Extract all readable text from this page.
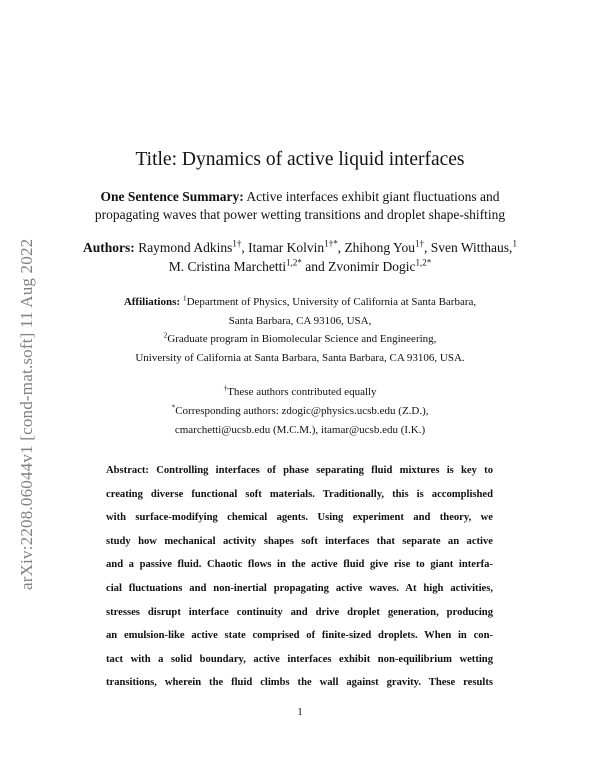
arXiv:2208.06044v1 [cond-mat.soft] 11 Aug 2022
Title: Dynamics of active liquid interfaces
One Sentence Summary: Active interfaces exhibit giant fluctuations and
propagating waves that power wetting transitions and droplet shape-shifting
Authors: Raymond Adkins$^{1\dagger}$, Itamar Kolvin$^{1\dagger*}$, Zhihong You$^{1\dagger}$, Sven Witthaus,$^1$
M. Cristina Marchetti$^{1,2*}$ and Zvonimir Dogic$^{1,2*}$
Affiliations: $^1$Department of Physics, University of California at Santa Barbara,
Santa Barbara, CA 93106, USA,
$^2$Graduate program in Biomolecular Science and Engineering,
University of California at Santa Barbara, Santa Barbara, CA 93106, USA.
†These authors contributed equally
*Corresponding authors: zdogic@physics.ucsb.edu (Z.D.),
cmarchetti@ucsb.edu (M.C.M.), itamar@ucsb.edu (I.K.)
Abstract: Controlling interfaces of phase separating fluid mixtures is key to
creating diverse functional soft materials. Traditionally, this is accomplished
with surface-modifying chemical agents. Using experiment and theory, we
study how mechanical activity shapes soft interfaces that separate an active
and a passive fluid. Chaotic flows in the active fluid give rise to giant interfa-
cial fluctuations and non-inertial propagating active waves. At high activities,
stresses disrupt interface continuity and drive droplet generation, producing
an emulsion-like active state comprised of finite-sized droplets. When in con-
tact with a solid boundary, active interfaces exhibit non-equilibrium wetting
transitions, wherein the fluid climbs the wall against gravity. These results
1
